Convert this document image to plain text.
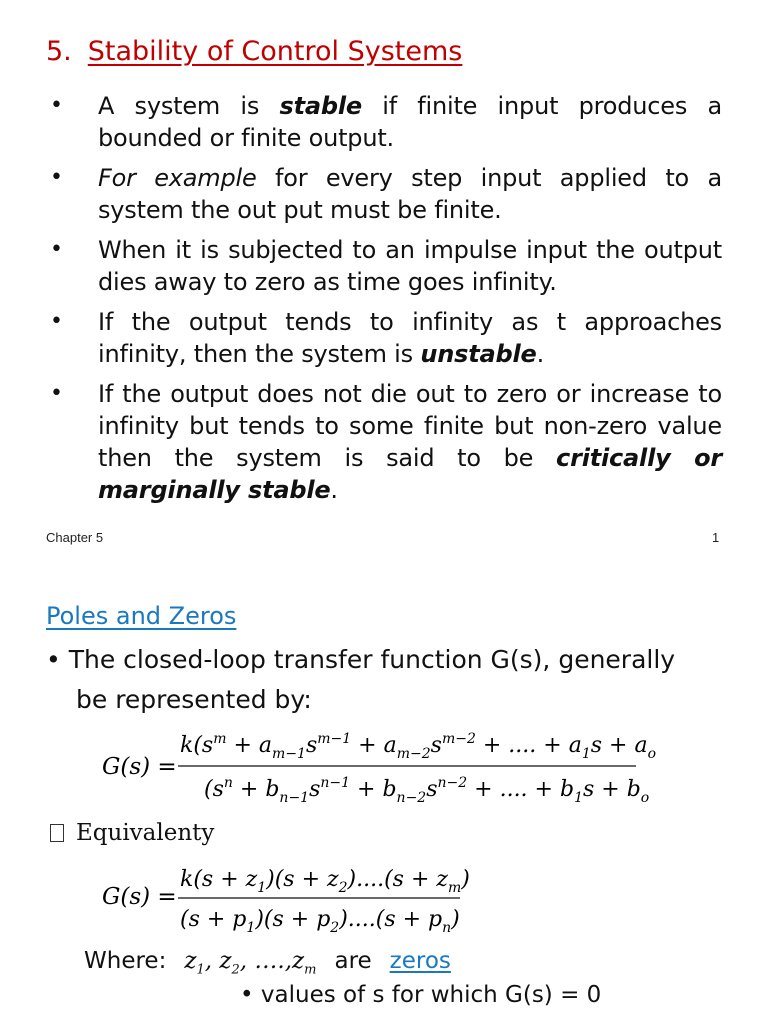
5. Stability of Control Systems
•	A system is stable if finite input produces a bounded or finite output.
•	For example for every step input applied to a system the out put must be finite.
•	When it is subjected to an impulse input the output dies away to zero as time goes infinity.
•	If the output tends to infinity as t approaches infinity, then the system is unstable.
•	If the output does not die out to zero or increase to infinity but tends to some finite but non-zero value then the system is said to be critically or marginally stable.
Chapter 5	1
Poles and Zeros
• The closed-loop transfer function G(s), generally
be represented by:
G(s) =
$k(s^m + a_{m-1}s^{m-1} + a_{m-2}s^{m-2}$ + .... + $a_1s + a_o$
($s^n + b_{n-1}s^{n-1} + b_{n-2}s^{n-2}$ + .... + $b_1s + b_o$
Equivalenty
G(s) =
$k(s + z_1)(s + z_2)....(s + z_m)$
$(s + p_1)(s + p_2)....(s + p_n)$
Where: $z_1$, $z_2$, $\dots.,z_m$ are zeros
• values of s for which G(s) = 0
